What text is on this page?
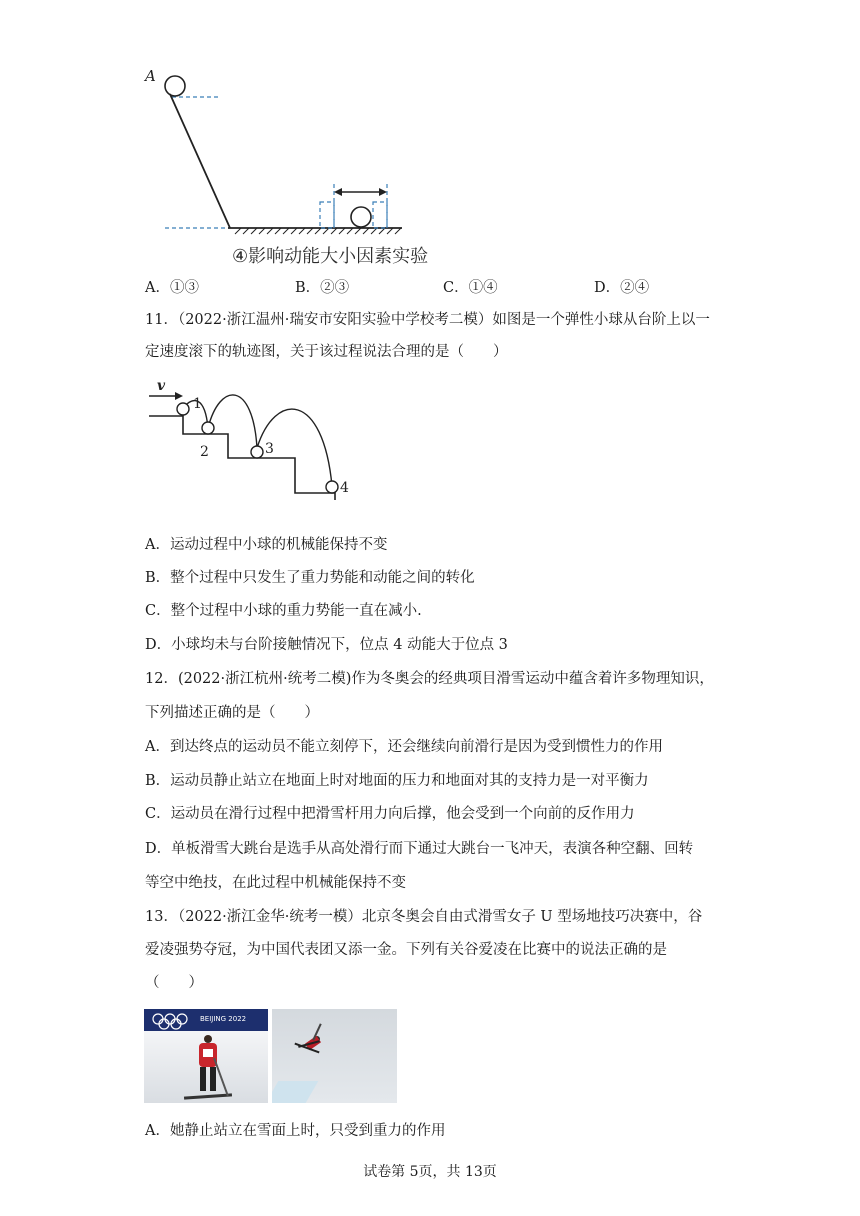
A
④影响动能大小因素实验
A．①③	B．②③	C．①④	D．②④
11．（2022·浙江温州·瑞安市安阳实验中学校考二模）如图是一个弹性小球从台阶上以一
定速度滚下的轨迹图，关于该过程说法合理的是（　　）
v
1
2	3
4
A．运动过程中小球的机械能保持不变
B．整个过程中只发生了重力势能和动能之间的转化
C．整个过程中小球的重力势能一直在减小.
D．小球均未与台阶接触情况下，位点 4 动能大于位点 3
12．(2022·浙江杭州·统考二模)作为冬奥会的经典项目滑雪运动中蕴含着许多物理知识，
下列描述正确的是（　　）
A．到达终点的运动员不能立刻停下，还会继续向前滑行是因为受到惯性力的作用
B．运动员静止站立在地面上时对地面的压力和地面对其的支持力是一对平衡力
C．运动员在滑行过程中把滑雪杆用力向后撑，他会受到一个向前的反作用力
D．单板滑雪大跳台是选手从高处滑行而下通过大跳台一飞冲天，表演各种空翻、回转
等空中绝技，在此过程中机械能保持不变
13．（2022·浙江金华·统考一模）北京冬奥会自由式滑雪女子 U 型场地技巧决赛中，谷
爱凌强势夺冠，为中国代表团又添一金。下列有关谷爱凌在比赛中的说法正确的是
（　　）
BEIJING 2022
A．她静止站立在雪面上时，只受到重力的作用
试卷第 5页，共 13页
